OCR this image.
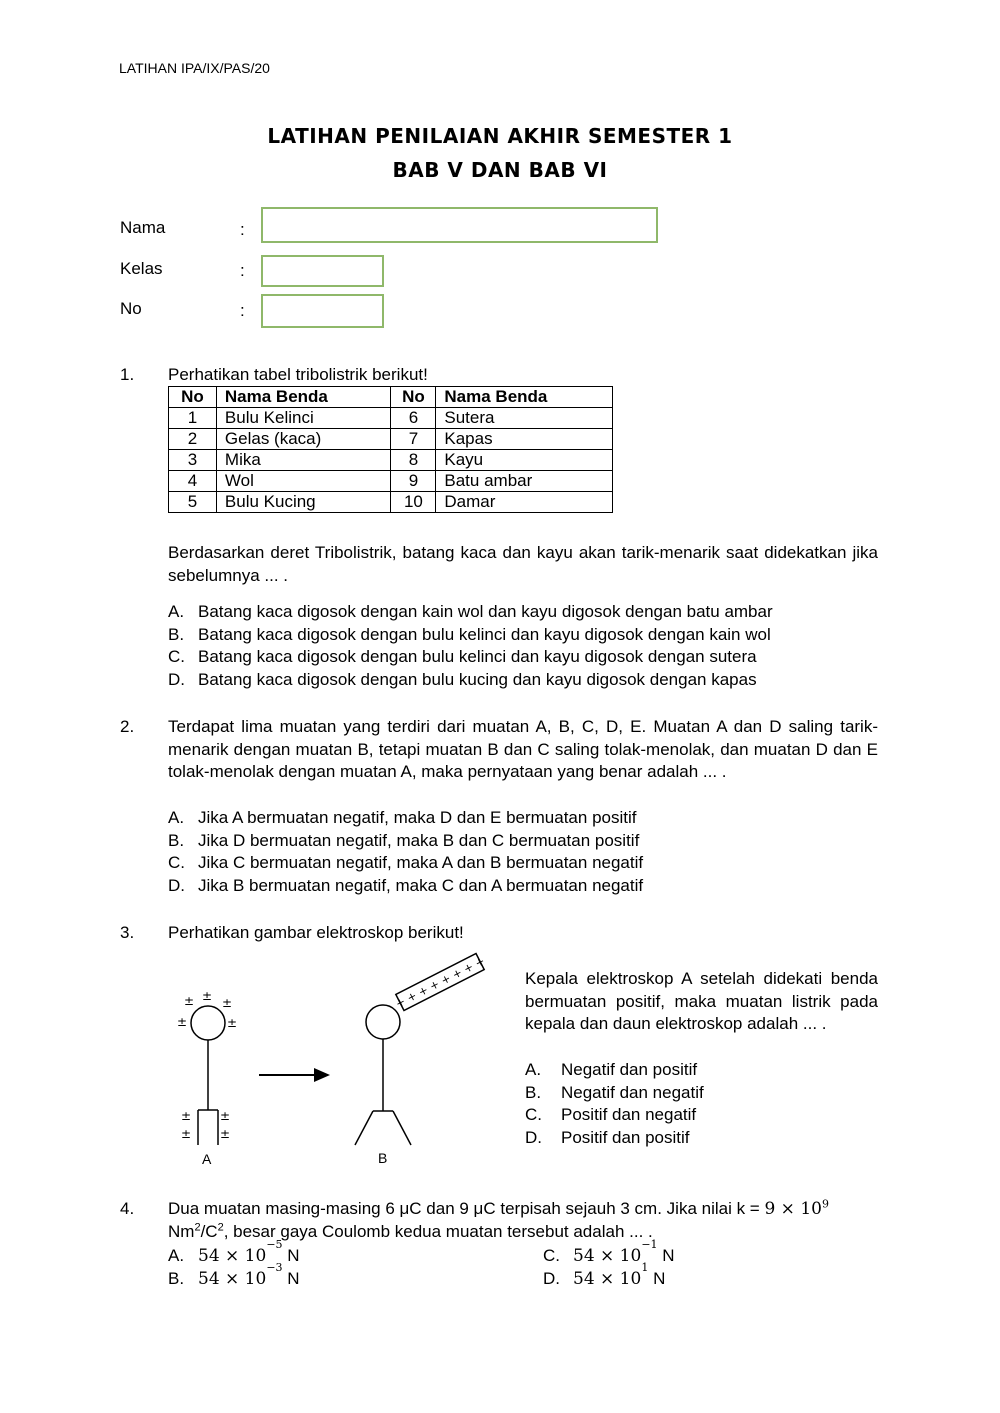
LATIHAN IPA/IX/PAS/20
LATIHAN PENILAIAN AKHIR SEMESTER 1
BAB V DAN BAB VI
Nama	:
Kelas	:
No	:
1. Perhatikan tabel tribolistrik berikut!
No	Nama Benda	No	Nama Benda
1	Bulu Kelinci	6	Sutera
2	Gelas (kaca)	7	Kapas
3	Mika	8	Kayu
4	Wol	9	Batu ambar
5	Bulu Kucing	10	Damar
Berdasarkan deret Tribolistrik, batang kaca dan kayu akan tarik-menarik saat didekatkan jika sebelumnya ... .
A. Batang kaca digosok dengan kain wol dan kayu digosok dengan batu ambar
B. Batang kaca digosok dengan bulu kelinci dan kayu digosok dengan kain wol
C. Batang kaca digosok dengan bulu kelinci dan kayu digosok dengan sutera
D. Batang kaca digosok dengan bulu kucing dan kayu digosok dengan kapas
2. Terdapat lima muatan yang terdiri dari muatan A, B, C, D, E. Muatan A dan D saling tarik-menarik dengan muatan B, tetapi muatan B dan C saling tolak-menolak, dan muatan D dan E tolak-menolak dengan muatan A, maka pernyataan yang benar adalah ... .
A. Jika A bermuatan negatif, maka D dan E bermuatan positif
B. Jika D bermuatan negatif, maka B dan C bermuatan positif
C. Jika C bermuatan negatif, maka A dan B bermuatan negatif
D. Jika B bermuatan negatif, maka C dan A bermuatan negatif
3. Perhatikan gambar elektroskop berikut!
± ± ±
±	±
± ±
± ±
A	B
+ + + + + + + + Kepala elektroskop A setelah didekati benda bermuatan positif, maka muatan listrik pada kepala dan daun elektroskop adalah ... .
A.	Negatif dan positif
B.	Negatif dan negatif
C.	Positif dan negatif
D.	Positif dan positif
4. Dua muatan masing-masing 6 μC dan 9 μC terpisah sejauh 3 cm. Jika nilai $k = 9 \times 10^9$
$Nm^2/C^2$, besar gaya Coulomb kedua muatan tersebut adalah ... .
A. 54 × 10
−5

N
B. 54 × 10
−3

N
C. 54 × 10
−1

N
D. 54 × 10
1

N
